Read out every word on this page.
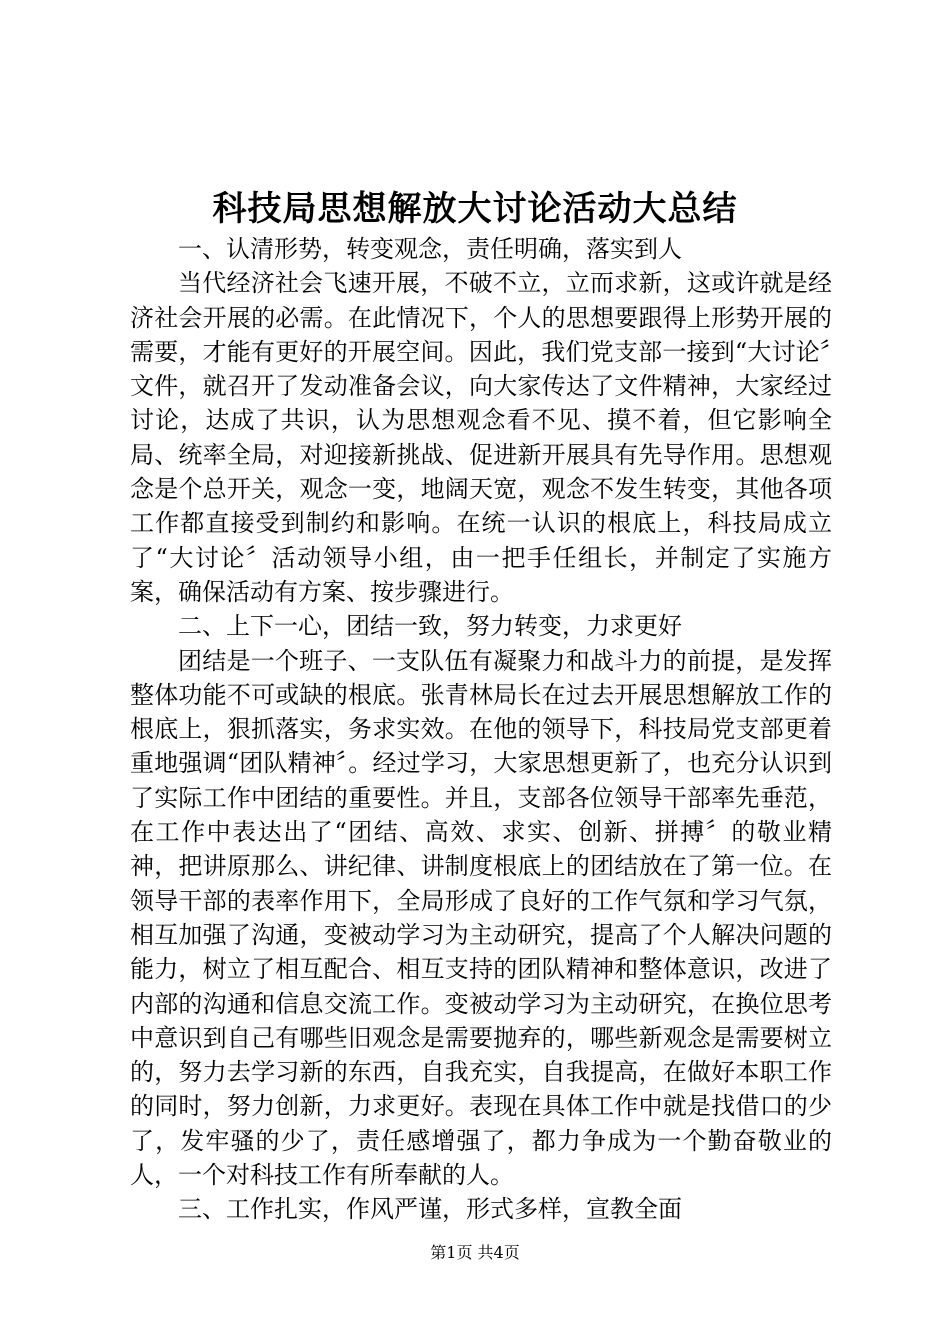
科技局思想解放大讨论活动大总结

一、认清形势，转变观念，责任明确，落实到人

当代经济社会飞速开展，不破不立，立而求新，这或许就是经济社会开展的必需。在此情况下，个人的思想要跟得上形势开展的需要，才能有更好的开展空间。因此，我们党支部一接到“大讨论〞文件，就召开了发动准备会议，向大家传达了文件精神，大家经过讨论，达成了共识，认为思想观念看不见、摸不着，但它影响全局、统率全局，对迎接新挑战、促进新开展具有先导作用。思想观念是个总开关，观念一变，地阔天宽，观念不发生转变，其他各项工作都直接受到制约和影响。在统一认识的根底上，科技局成立了“大讨论〞活动领导小组，由一把手任组长，并制定了实施方案，确保活动有方案、按步骤进行。

二、上下一心，团结一致，努力转变，力求更好

团结是一个班子、一支队伍有凝聚力和战斗力的前提，是发挥整体功能不可或缺的根底。张青林局长在过去开展思想解放工作的根底上，狠抓落实，务求实效。在他的领导下，科技局党支部更着重地强调“团队精神〞。经过学习，大家思想更新了，也充分认识到了实际工作中团结的重要性。并且，支部各位领导干部率先垂范，在工作中表达出了“团结、高效、求实、创新、拼搏〞的敬业精神，把讲原那么、讲纪律、讲制度根底上的团结放在了第一位。在领导干部的表率作用下，全局形成了良好的工作气氛和学习气氛，相互加强了沟通，变被动学习为主动研究，提高了个人解决问题的能力，树立了相互配合、相互支持的团队精神和整体意识，改进了内部的沟通和信息交流工作。变被动学习为主动研究，在换位思考中意识到自己有哪些旧观念是需要抛弃的，哪些新观念是需要树立的，努力去学习新的东西，自我充实，自我提高，在做好本职工作的同时，努力创新，力求更好。表现在具体工作中就是找借口的少了，发牢骚的少了，责任感增强了，都力争成为一个勤奋敬业的人，一个对科技工作有所奉献的人。

三、工作扎实，作风严谨，形式多样，宣教全面

第1页 共4页
